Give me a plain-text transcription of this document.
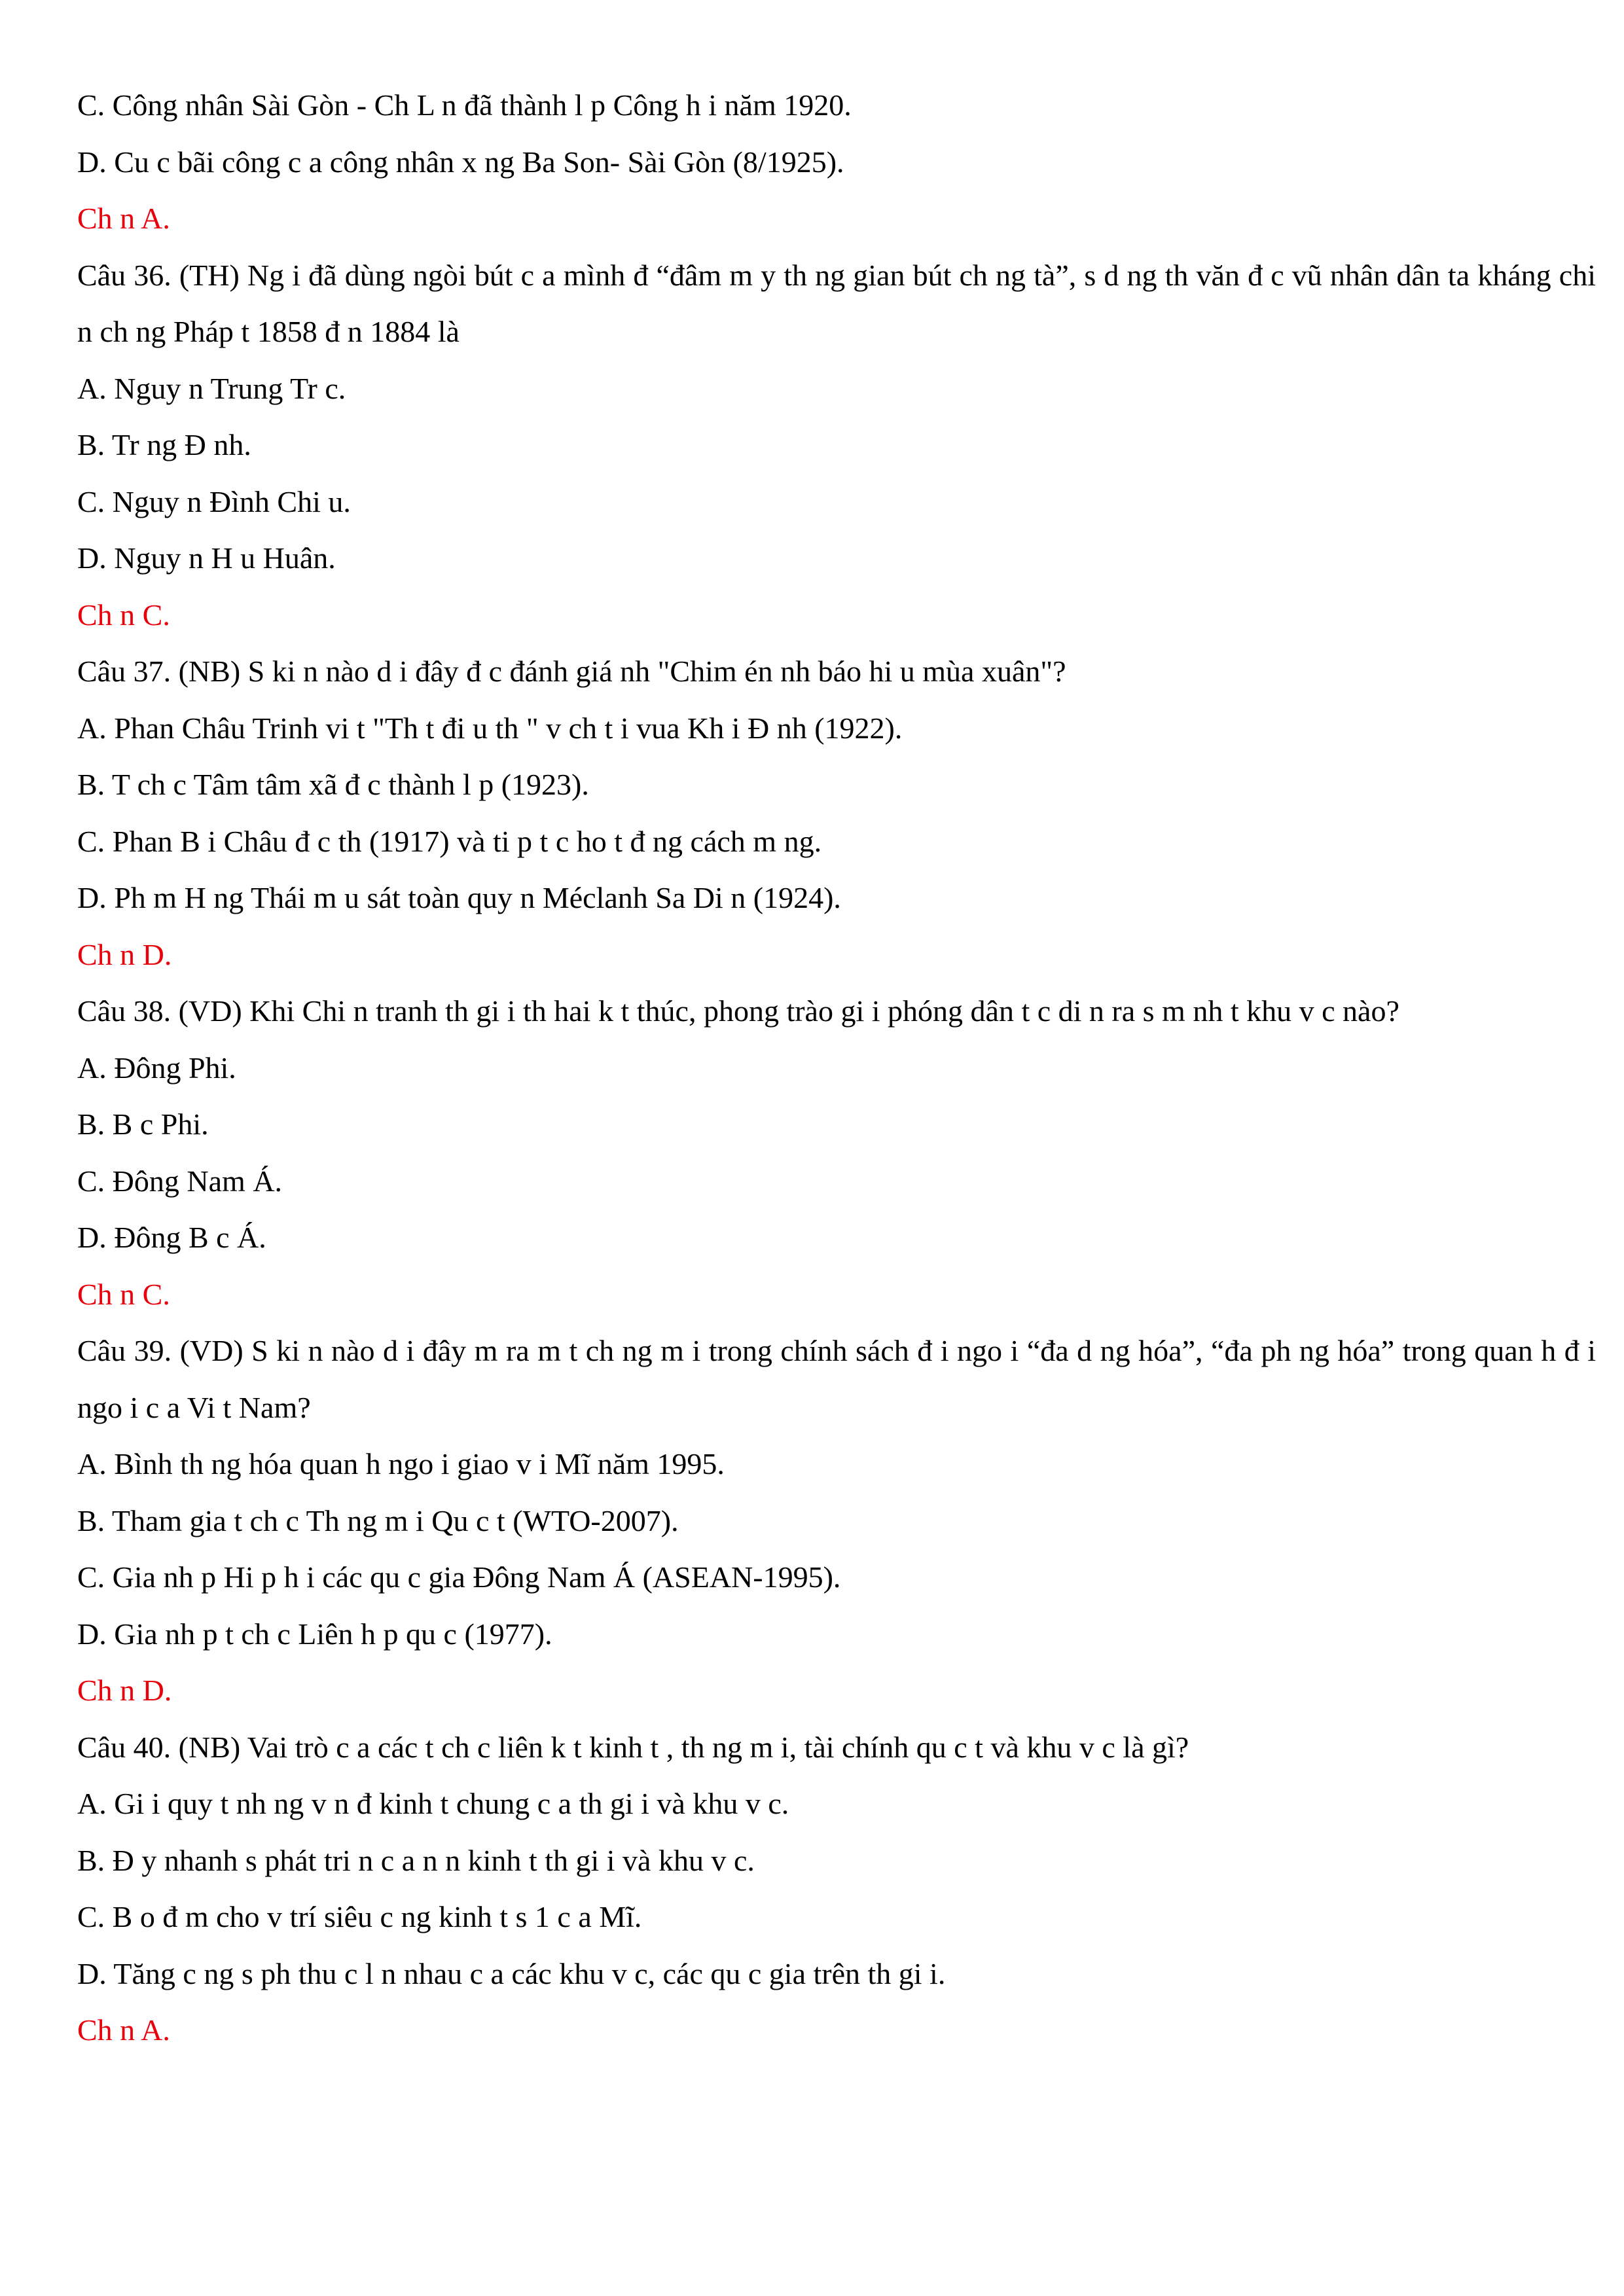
C. Công nhân Sài Gòn - Ch L n đã thành l p Công h i năm 1920.
D. Cu c bãi công c a công nhân x ng Ba Son- Sài Gòn (8/1925).
Ch n A.
Câu 36. (TH) Ng i đã dùng ngòi bút c a mình đ “đâm m y th ng gian bút ch ng tà”, s d ng th văn đ c vũ nhân dân ta kháng chi n ch ng Pháp t 1858 đ n 1884 là
A. Nguy n Trung Tr c.
B. Tr ng Đ nh.
C. Nguy n Đình Chi u.
D. Nguy n H u Huân.
Ch n C.
Câu 37. (NB) S ki n nào d i đây đ c đánh giá nh "Chim én nh báo hi u mùa xuân"?
A. Phan Châu Trinh vi t "Th t đi u th " v ch t i vua Kh i Đ nh (1922).
B. T ch c Tâm tâm xã đ c thành l p (1923).
C. Phan B i Châu đ c th (1917) và ti p t c ho t đ ng cách m ng.
D. Ph m H ng Thái m u sát toàn quy n Méclanh Sa Di n (1924).
Ch n D.
Câu 38. (VD) Khi Chi n tranh th gi i th hai k t thúc, phong trào gi i phóng dân t c di n ra s m nh t khu v c nào?
A. Đông Phi.
B. B c Phi.
C. Đông Nam Á.
D. Đông B c Á.
Ch n C.
Câu 39. (VD) S ki n nào d i đây m ra m t ch ng m i trong chính sách đ i ngo i “đa d ng hóa”, “đa ph ng hóa” trong quan h đ i ngo i c a Vi t Nam?
A. Bình th ng hóa quan h ngo i giao v i Mĩ năm 1995.
B. Tham gia t ch c Th ng m i Qu c t (WTO-2007).
C. Gia nh p Hi p h i các qu c gia Đông Nam Á (ASEAN-1995).
D. Gia nh p t ch c Liên h p qu c (1977).
Ch n D.
Câu 40. (NB) Vai trò c a các t ch c liên k t kinh t , th ng m i, tài chính qu c t và khu v c là gì?
A. Gi i quy t nh ng v n đ kinh t chung c a th gi i và khu v c.
B. Đ y nhanh s phát tri n c a n n kinh t th gi i và khu v c.
C. B o đ m cho v trí siêu c ng kinh t s 1 c a Mĩ.
D. Tăng c ng s ph thu c l n nhau c a các khu v c, các qu c gia trên th gi i.
Ch n A.
